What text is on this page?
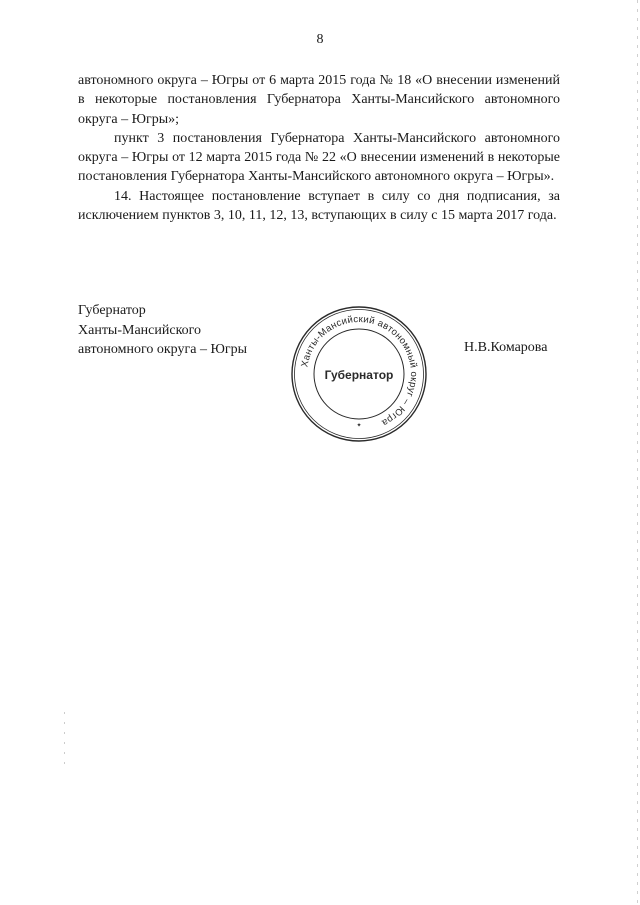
8

автономного округа – Югры от 6 марта 2015 года № 18 «О внесении изменений в некоторые постановления Губернатора Ханты-Мансийского автономного округа – Югры»;

пункт 3 постановления Губернатора Ханты-Мансийского автономного округа – Югры от 12 марта 2015 года № 22 «О внесении изменений в некоторые постановления Губернатора Ханты-Мансийского автономного округа – Югры».

14. Настоящее постановление вступает в силу со дня подписания, за исключением пунктов 3, 10, 11, 12, 13, вступающих в силу с 15 марта 2017 года.

Губернатор
Ханты-Мансийского
автономного округа – Югры
Ханты-Мансийский автономный округ – Югра
Губернатор
✦
Н.В.Комарова
